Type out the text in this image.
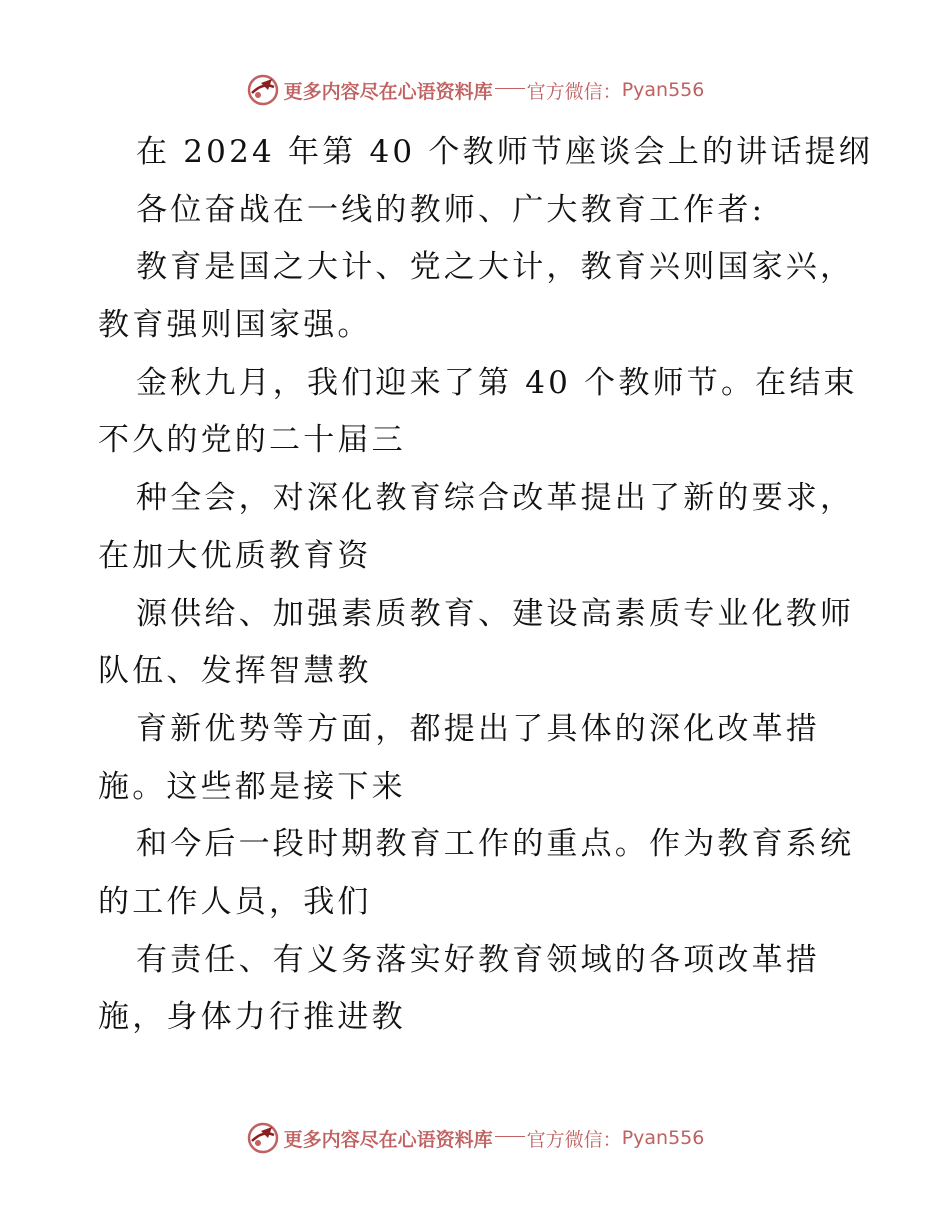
更多内容尽在心语资料库 官方微信： Pyan556
在 2024 年第 40 个教师节座谈会上的讲话提纲
各位奋战在一线的教师、广大教育工作者:
教育是国之大计、党之大计，教育兴则国家兴，
教育强则国家强。
金秋九月，我们迎来了第 40 个教师节。在结束
不久的党的二十届三
种全会，对深化教育综合改革提出了新的要求，
在加大优质教育资
源供给、加强素质教育、建设高素质专业化教师
队伍、发挥智慧教
育新优势等方面，都提出了具体的深化改革措
施。这些都是接下来
和今后一段时期教育工作的重点。作为教育系统
的工作人员，我们
有责任、有义务落实好教育领域的各项改革措
施，身体力行推进教
更多内容尽在心语资料库 官方微信： Pyan556
